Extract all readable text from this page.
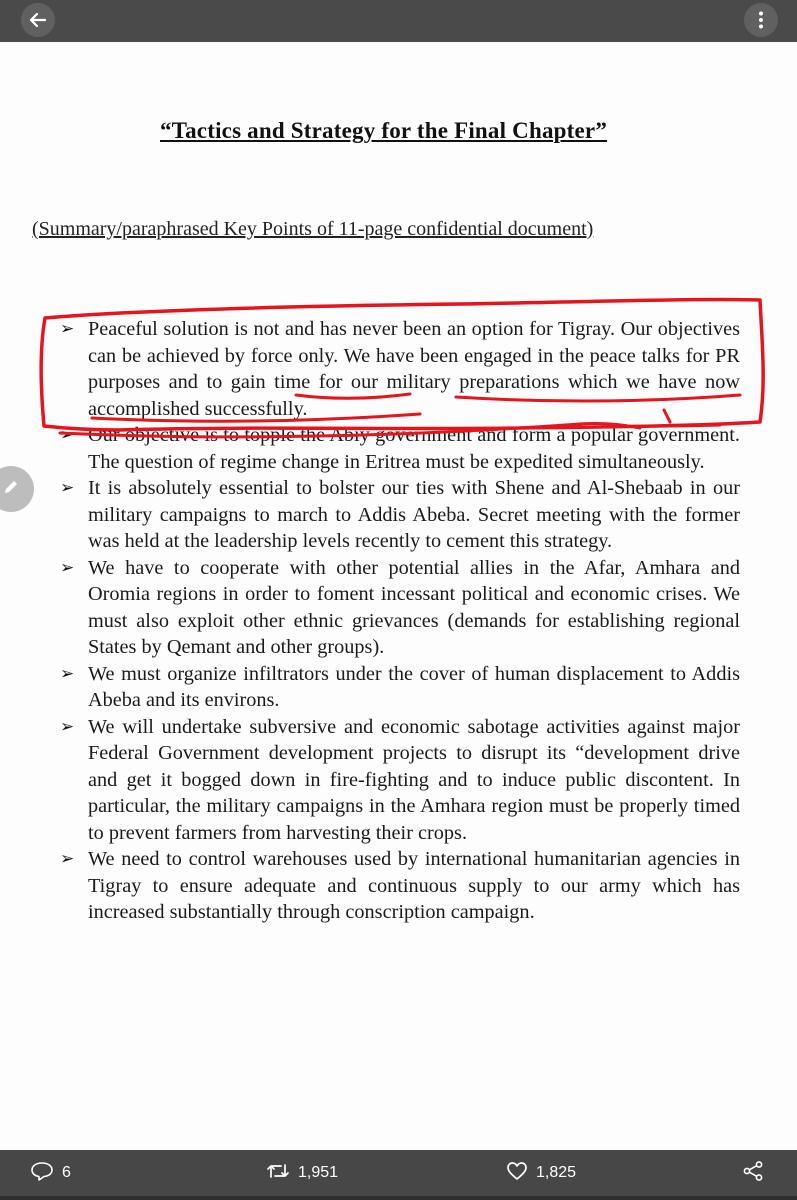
“Tactics and Strategy for the Final Chapter”
(Summary/paraphrased Key Points of 11-page confidential document)
➢ Peaceful solution is not and has never been an option for Tigray. Our objectives can be achieved by force only. We have been engaged in the peace talks for PR purposes and to gain time for our military preparations which we have now accomplished successfully.
➢ Our objective is to topple the Abiy government and form a popular government. The question of regime change in Eritrea must be expedited simultaneously.
➢ It is absolutely essential to bolster our ties with Shene and Al-Shebaab in our military campaigns to march to Addis Abeba. Secret meeting with the former was held at the leadership levels recently to cement this strategy.
➢ We have to cooperate with other potential allies in the Afar, Amhara and Oromia regions in order to foment incessant political and economic crises. We must also exploit other ethnic grievances (demands for establishing regional States by Qemant and other groups).
➢ We must organize infiltrators under the cover of human displacement to Addis Abeba and its environs.
➢ We will undertake subversive and economic sabotage activities against major Federal Government development projects to disrupt its “development drive and get it bogged down in fire-fighting and to induce public discontent. In particular, the military campaigns in the Amhara region must be properly timed to prevent farmers from harvesting their crops.
➢ We need to control warehouses used by international humanitarian agencies in Tigray to ensure adequate and continuous supply to our army which has increased substantially through conscription campaign.
6	1,951	1,825
